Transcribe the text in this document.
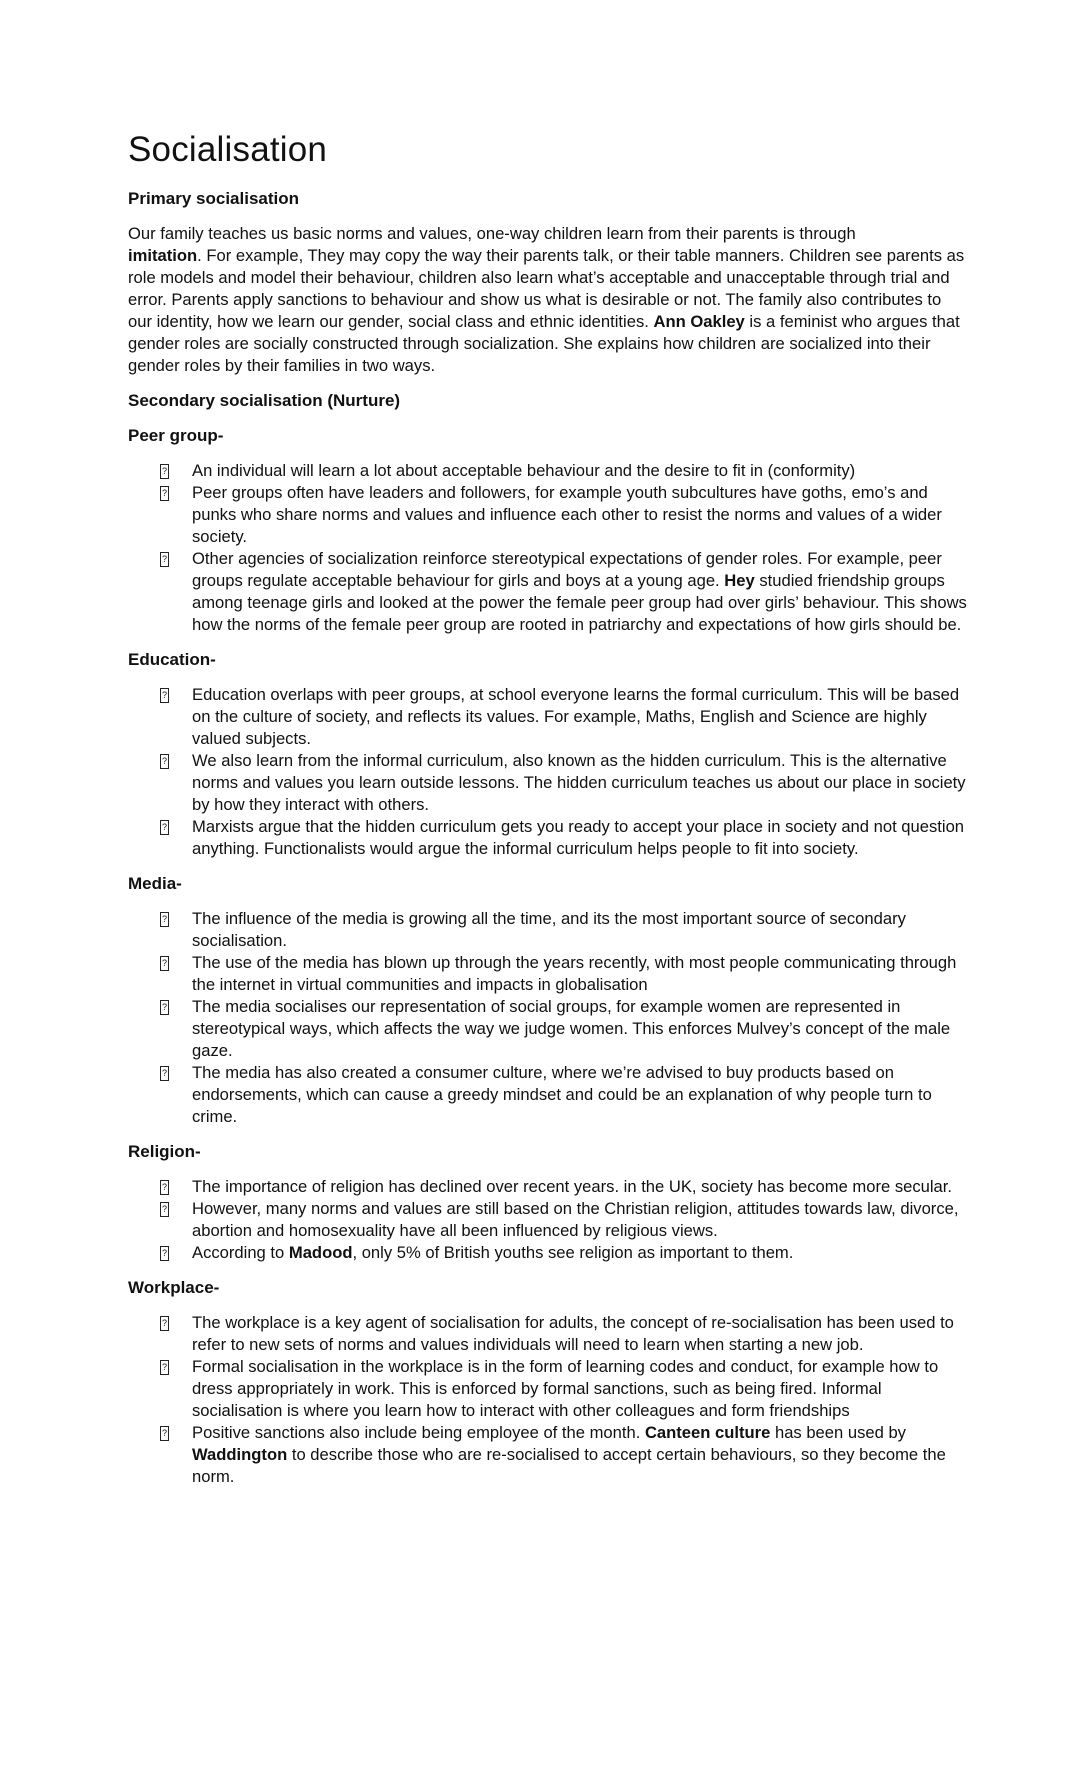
Socialisation
Primary socialisation

Our family teaches us basic norms and values, one-way children learn from their parents is through
imitation. For example, They may copy the way their parents talk, or their table manners. Children see parents as role models and model their behaviour, children also learn what’s acceptable and unacceptable through trial and error. Parents apply sanctions to behaviour and show us what is desirable or not. The family also contributes to our identity, how we learn our gender, social class and ethnic identities. Ann Oakley is a feminist who argues that gender roles are socially constructed through socialization. She explains how children are socialized into their gender roles by their families in two ways.

Secondary socialisation (Nurture)
Peer group-
? An individual will learn a lot about acceptable behaviour and the desire to fit in (conformity)
? Peer groups often have leaders and followers, for example youth subcultures have goths, emo’s and punks who share norms and values and influence each other to resist the norms and values of a wider society.
? Other agencies of socialization reinforce stereotypical expectations of gender roles. For example, peer groups regulate acceptable behaviour for girls and boys at a young age. Hey studied friendship groups among teenage girls and looked at the power the female peer group had over girls’ behaviour. This shows how the norms of the female peer group are rooted in patriarchy and expectations of how girls should be.
Education-
? Education overlaps with peer groups, at school everyone learns the formal curriculum. This will be based on the culture of society, and reflects its values. For example, Maths, English and Science are highly valued subjects.
? We also learn from the informal curriculum, also known as the hidden curriculum. This is the alternative norms and values you learn outside lessons. The hidden curriculum teaches us about our place in society by how they interact with others.
? Marxists argue that the hidden curriculum gets you ready to accept your place in society and not question anything. Functionalists would argue the informal curriculum helps people to fit into society.
Media-
? The influence of the media is growing all the time, and its the most important source of secondary socialisation.
? The use of the media has blown up through the years recently, with most people communicating through the internet in virtual communities and impacts in globalisation
? The media socialises our representation of social groups, for example women are represented in stereotypical ways, which affects the way we judge women. This enforces Mulvey’s concept of the male gaze.
? The media has also created a consumer culture, where we’re advised to buy products based on endorsements, which can cause a greedy mindset and could be an explanation of why people turn to crime.
Religion-
? The importance of religion has declined over recent years. in the UK, society has become more secular.
? However, many norms and values are still based on the Christian religion, attitudes towards law, divorce, abortion and homosexuality have all been influenced by religious views.
? According to Madood, only 5% of British youths see religion as important to them.
Workplace-
? The workplace is a key agent of socialisation for adults, the concept of re-socialisation has been used to refer to new sets of norms and values individuals will need to learn when starting a new job.
? Formal socialisation in the workplace is in the form of learning codes and conduct, for example how to dress appropriately in work. This is enforced by formal sanctions, such as being fired. Informal socialisation is where you learn how to interact with other colleagues and form friendships
? Positive sanctions also include being employee of the month. Canteen culture has been used by Waddington to describe those who are re-socialised to accept certain behaviours, so they become the norm.
